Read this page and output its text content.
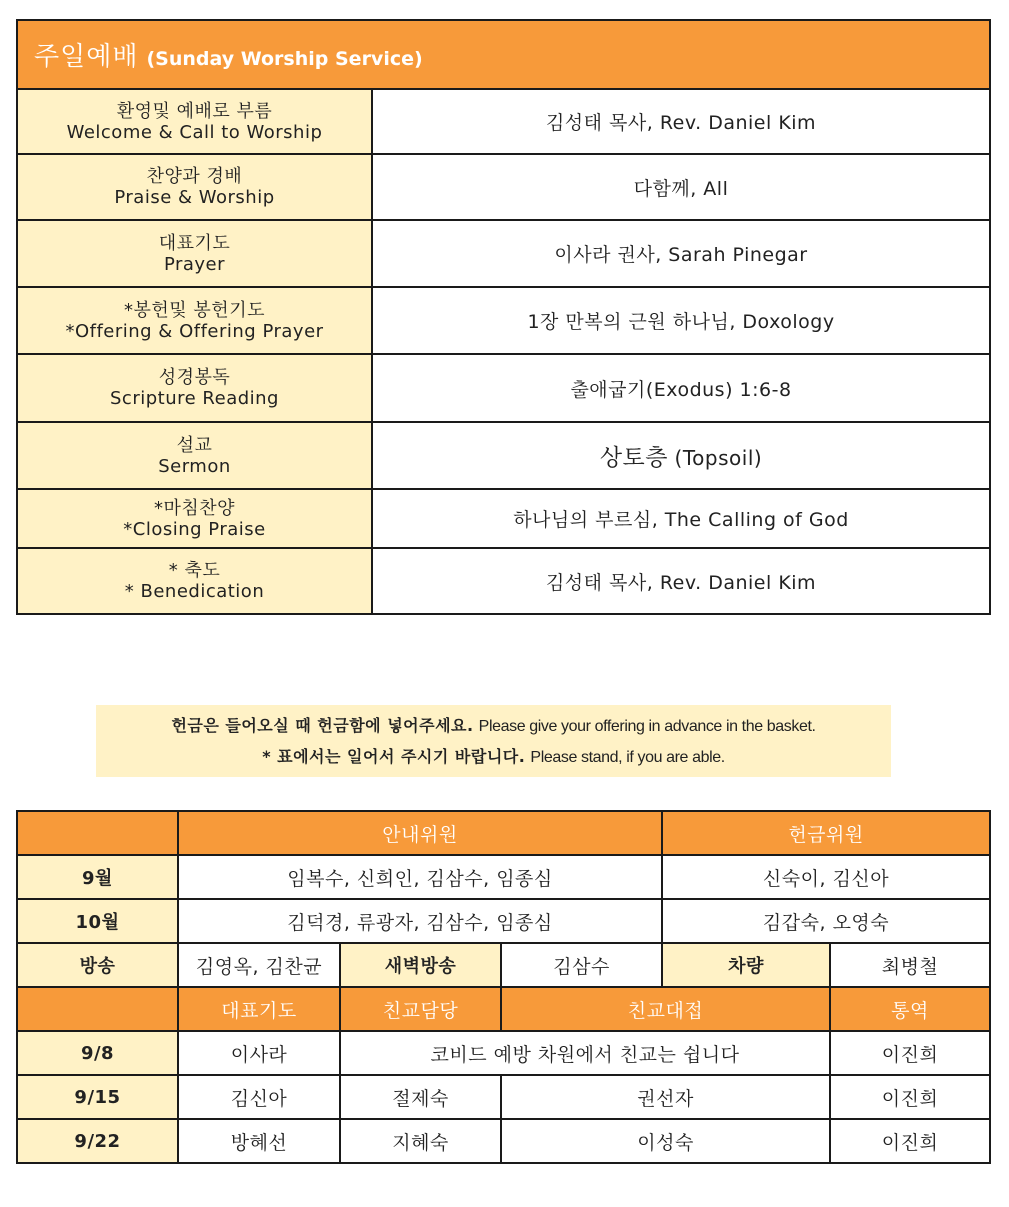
주일예배 (Sunday Worship Service)	

환영및 예배로 부름
Welcome & Call to Worship	김성태 목사, Rev. Daniel Kim

찬양과 경배
Praise & Worship	다함께, All

대표기도
Prayer	이사라 권사, Sarah Pinegar

*봉헌및 봉헌기도
*Offering & Offering Prayer	1장 만복의 근원 하나님, Doxology

성경봉독
Scripture Reading	출애굽기(Exodus) 1:6-8

설교
Sermon	상토층 (Topsoil)

*마침찬양
*Closing Praise	하나님의 부르심, The Calling of God

* 축도
* Benedication	김성태 목사, Rev. Daniel Kim
헌금은 들어오실 때 헌금함에 넣어주세요. Please give your offering in advance in the basket.
* 표에서는 일어서 주시기 바랍니다. Please stand, if you are able.
	안내위원			헌금위원	
9월	임복수, 신희인, 김삼수, 임종심			신숙이, 김신아	
10월	김덕경, 류광자, 김삼수, 임종심			김갑숙, 오영숙	
방송	김영옥, 김찬균	새벽방송	김삼수	차량	최병철
	대표기도	친교담당	친교대접		통역
9/8	이사라	코비드 예방 차원에서 친교는 쉽니다			이진희
9/15	김신아	절제숙	권선자		이진희
9/22	방혜선	지혜숙	이성숙		이진희
